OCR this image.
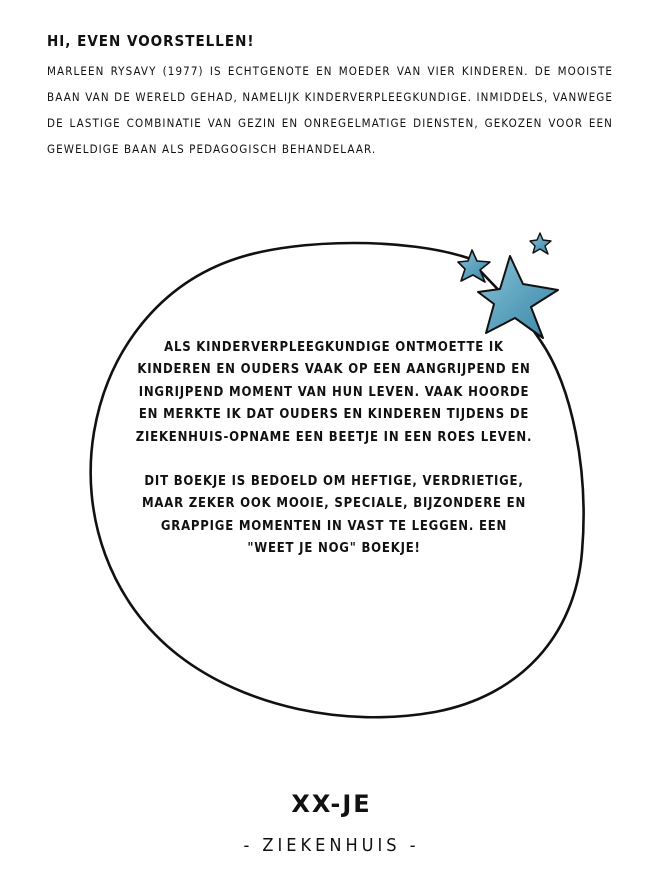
HI, EVEN VOORSTELLEN!

MARLEEN RYSAVY (1977) IS ECHTGENOTE EN MOEDER VAN VIER KINDEREN. DE MOOISTE BAAN VAN DE WERELD GEHAD, NAMELIJK KINDERVERPLEEGKUNDIGE. INMIDDELS, VANWEGE DE LASTIGE COMBINATIE VAN GEZIN EN ONREGELMATIGE DIENSTEN, GEKOZEN VOOR EEN GEWELDIGE BAAN ALS PEDAGOGISCH BEHANDELAAR.

ALS KINDERVERPLEEGKUNDIGE ONTMOETTE IK KINDEREN EN OUDERS VAAK OP EEN AANGRIJPEND EN INGRIJPEND MOMENT VAN HUN LEVEN. VAAK HOORDE EN MERKTE IK DAT OUDERS EN KINDEREN TIJDENS DE ZIEKENHUIS-OPNAME EEN BEETJE IN EEN ROES LEVEN.

DIT BOEKJE IS BEDOELD OM HEFTIGE, VERDRIETIGE, MAAR ZEKER OOK MOOIE, SPECIALE, BIJZONDERE EN GRAPPIGE MOMENTEN IN VAST TE LEGGEN. EEN "WEET JE NOG" BOEKJE!

XX-JE
- ZIEKENHUIS -
